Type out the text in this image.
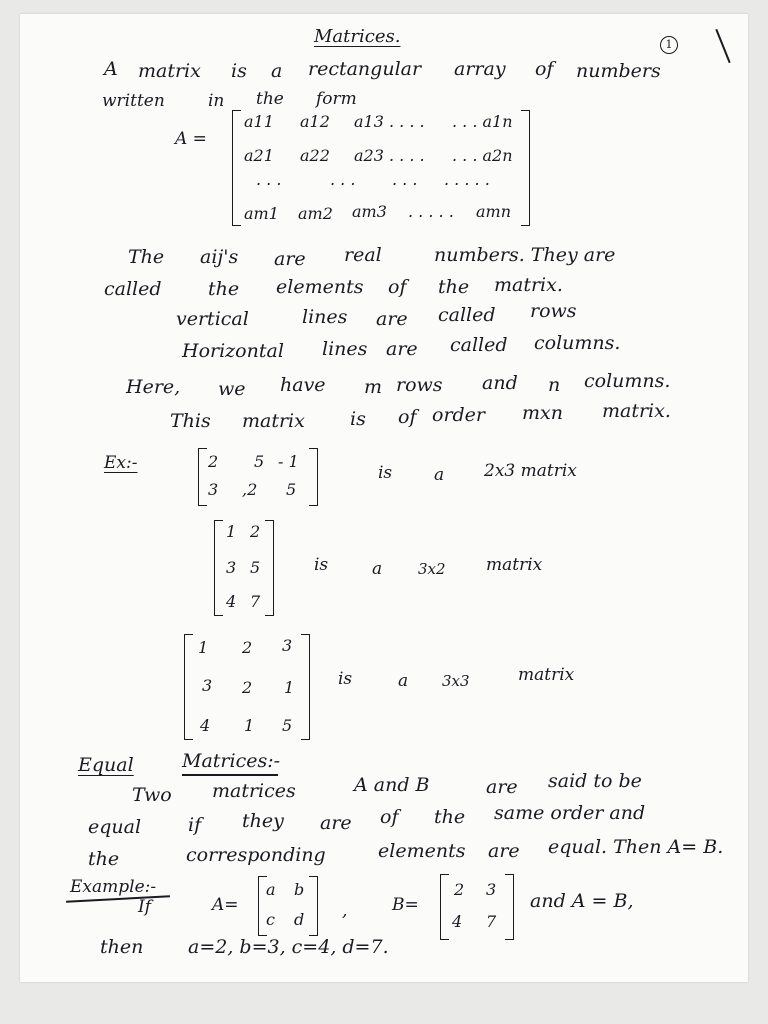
Matrices.	1
A matrix is a rectangular array of numbers
written	in the form
A =
a11 a12 a13 . . . . . . . a1n
a21 a22 a23 . . . . . . . a2n
. . .	. . . . . . . . . . .
am1 am2 am3 . . . . . amn
The aij's are real	numbers. They are
called the elements of the matrix.
vertical	lines are called rows
Horizontal lines are called columns.
Here, we have m rows and n columns.
This matrix is of order mxn matrix.
Ex:-	2 5 - 1
3 ,2 5
is a 2x3 matrix
1 2
3 5
4 7
is	a 3x2 matrix
1 2 3
3 2 1
4 1 5
is	a 3x3	matrix
Equal	Matrices:-
Two matrices	A and B	are said to be
equal if they are of the same order and
the	corresponding	elements are equal. Then A= B.
Example:-
If	A=
a b
c d ,	B=
2 3
4 7
and A = B,
then a=2, b=3, c=4, d=7.
